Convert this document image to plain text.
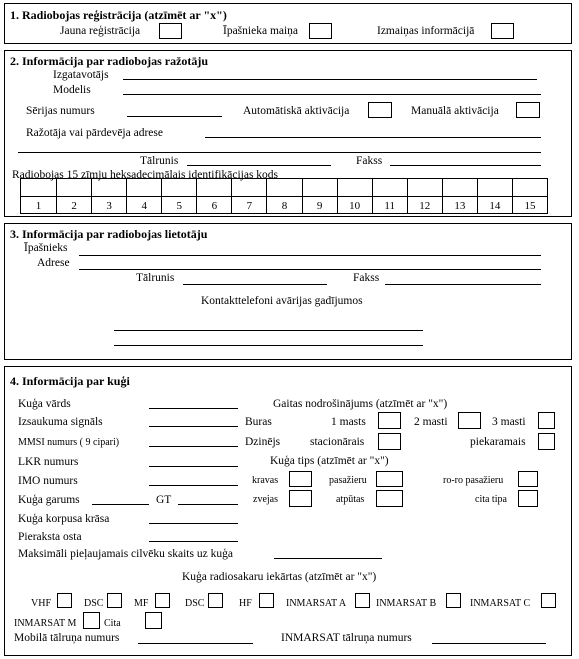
1. Radiobojas reģistrācija (atzīmēt ar "x")
Jauna reģistrācija	Īpašnieka maiņa	Izmaiņas informācijā
2. Informācija par radiobojas ražotāju
Izgatavotājs
Modelis
Sērijas numurs	Automātiskā aktivācija	Manuālā aktivācija
Ražotāja vai pārdevēja adrese
Tālrunis	Fakss
Radiobojas 15 zīmju heksadecimālais identifikācijas kods
1	2	3	4	5	6	7	8	9	10	11	12	13	14	15
3. Informācija par radiobojas lietotāju
Īpašnieks
Adrese
Tālrunis	Fakss
Kontakttelefoni avārijas gadījumos
4. Informācija par kuģi
Kuģa vārds
Izsaukuma signāls
MMSI numurs ( 9 cipari)
LKR numurs
IMO numurs
Kuģa garums	GT
Kuģa korpusa krāsa
Pieraksta osta
Maksimāli pieļaujamais cilvēku skaits uz kuģa
Gaitas nodrošinājums (atzīmēt ar "x")
Buras	1 masts	2 masti	3 masti
Dzinējs	stacionārais	piekaramais
Kuģa tips (atzīmēt ar "x")
kravas	pasažieru	ro-ro pasažieru
zvejas	atpūtas	cita tipa
Kuģa radiosakaru iekārtas (atzīmēt ar "x")
VHF	DSC	MF	DSC	HF	INMARSAT A	INMARSAT B	INMARSAT C
INMARSAT M	Cita
Mobilā tālruņa numurs	INMARSAT tālruņa numurs
